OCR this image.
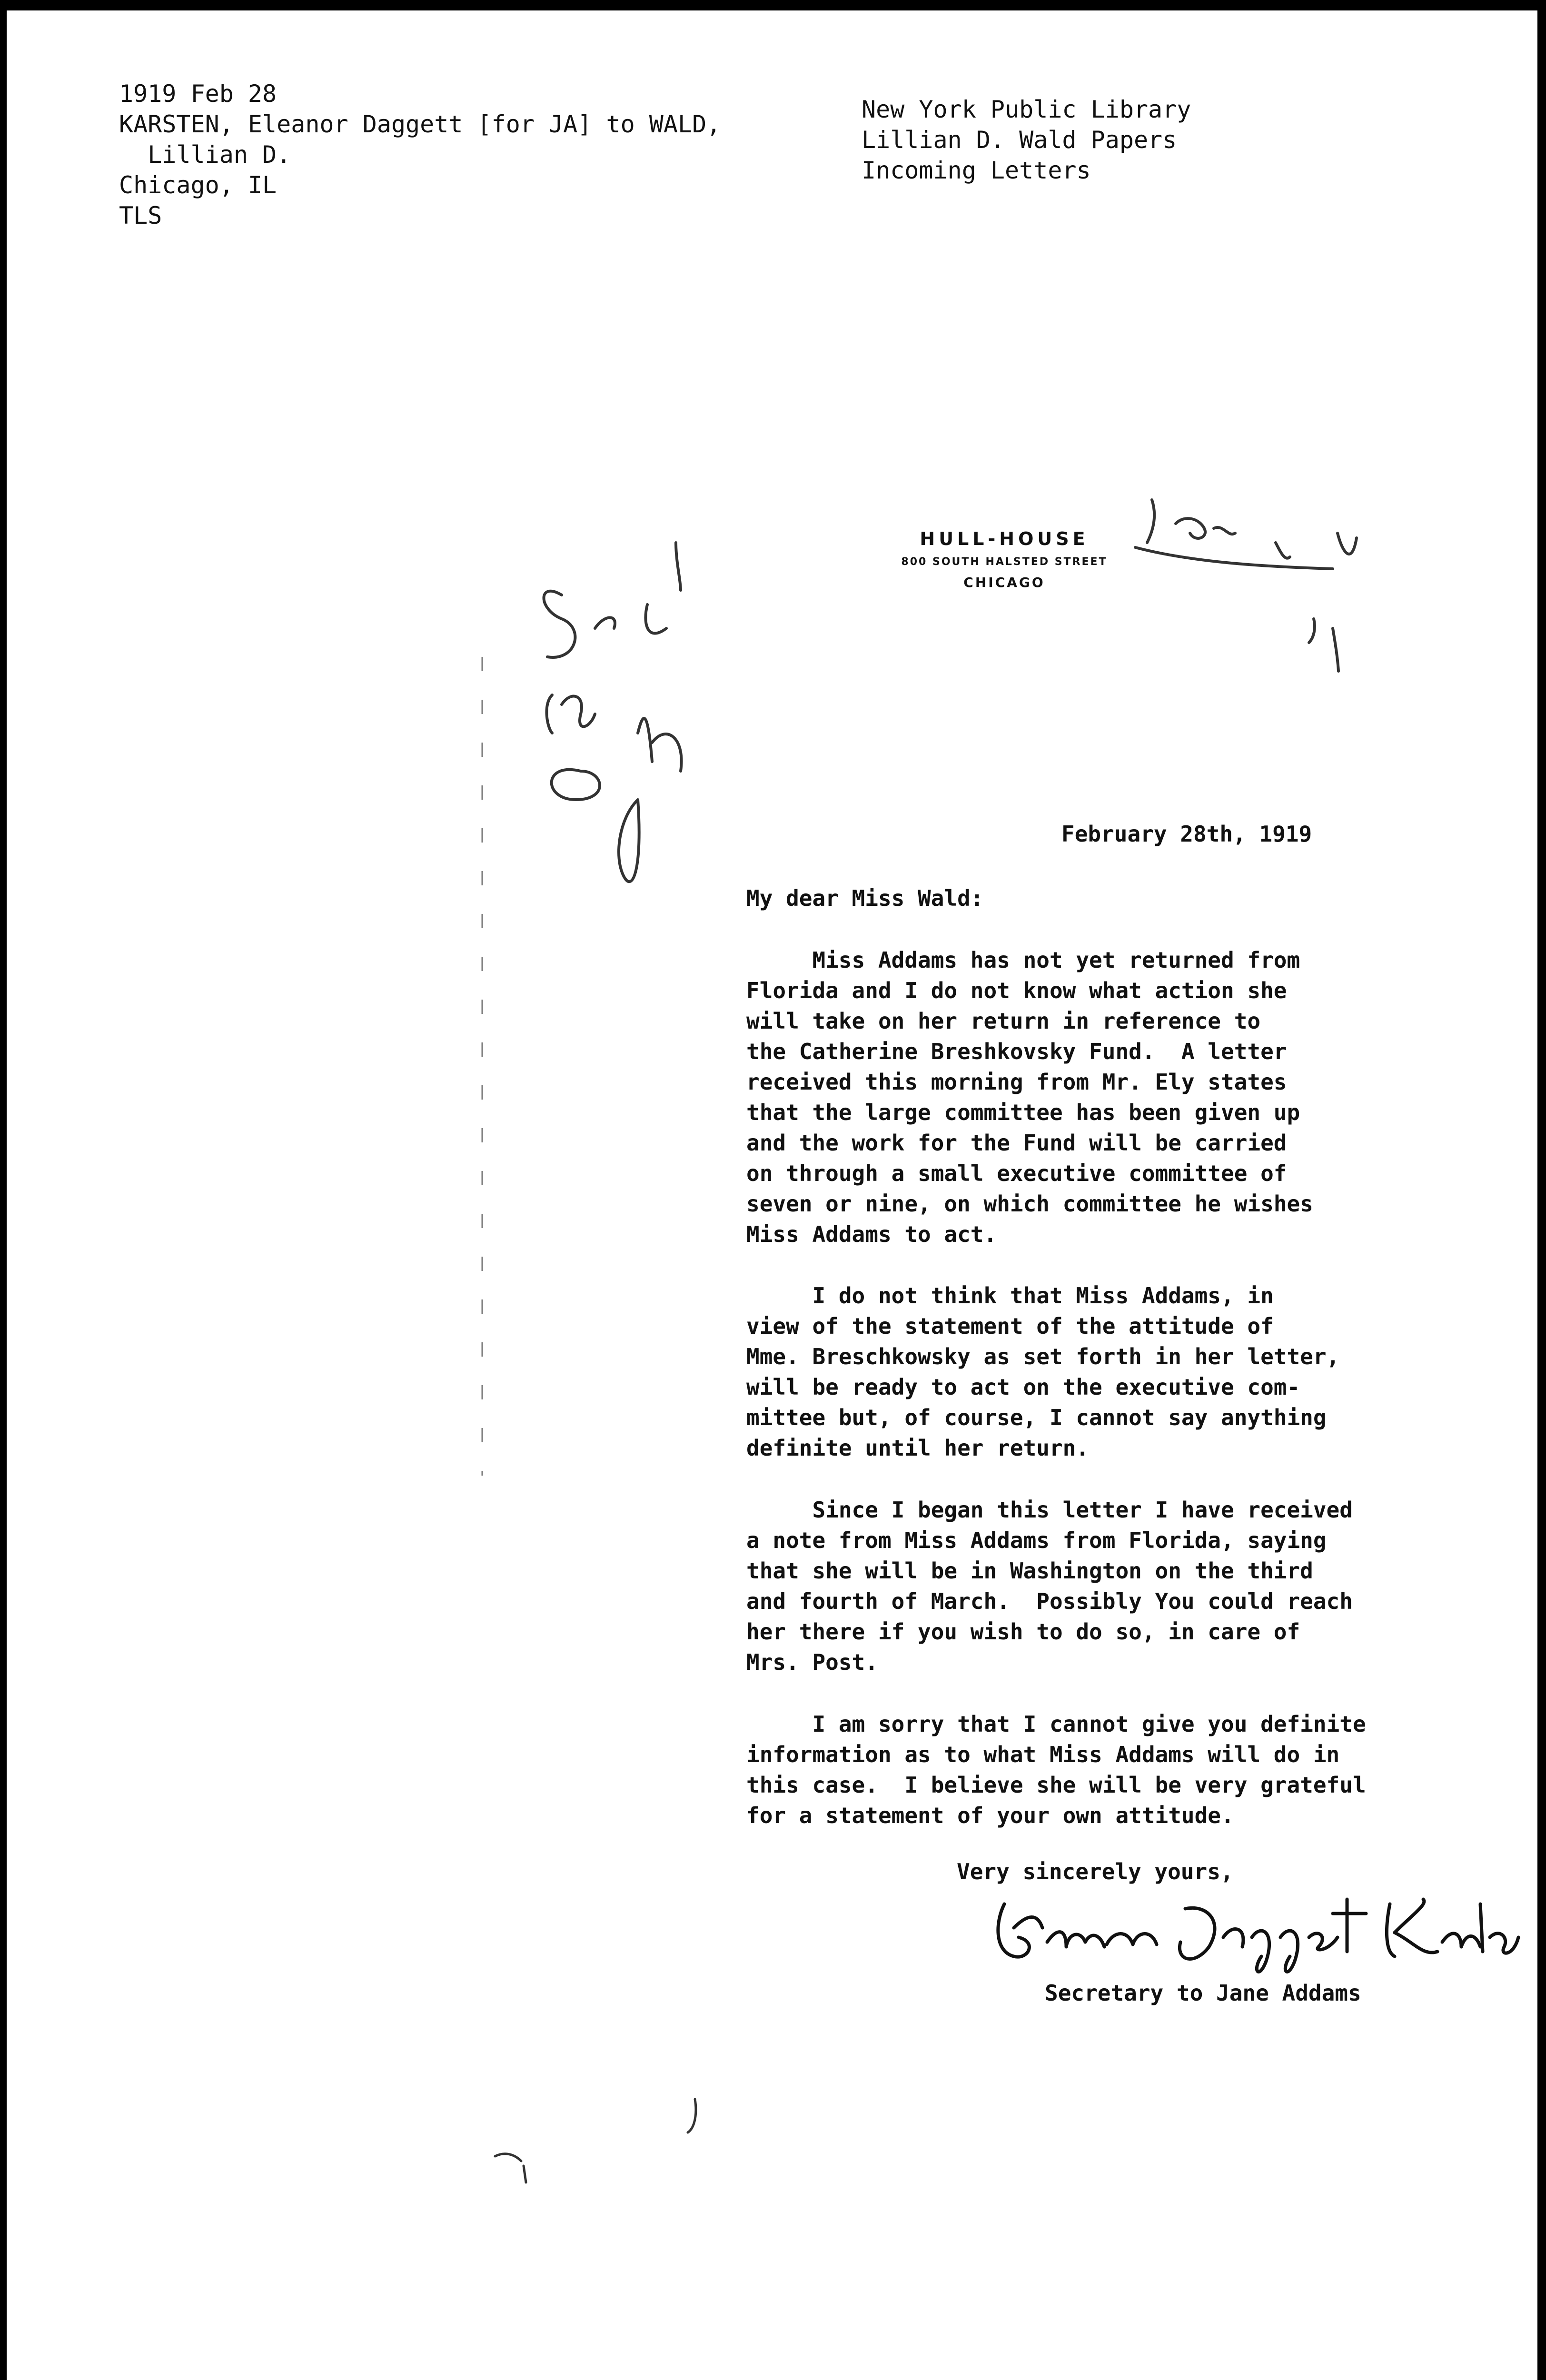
1919 Feb 28
KARSTEN, Eleanor Daggett [for JA] to WALD,
Lillian D.
Chicago, IL
TLS
New York Public Library
Lillian D. Wald Papers
Incoming Letters
HULL-HOUSE
800 SOUTH HALSTED STREET
CHICAGO
February 28th, 1919
My dear Miss Wald:
Miss Addams has not yet returned from
Florida and I do not know what action she
will take on her return in reference to
the Catherine Breshkovsky Fund.  A letter
received this morning from Mr. Ely states
that the large committee has been given up
and the work for the Fund will be carried
on through a small executive committee of
seven or nine, on which committee he wishes
Miss Addams to act.
I do not think that Miss Addams, in
view of the statement of the attitude of
Mme. Breschkowsky as set forth in her letter,
will be ready to act on the executive com-
mittee but, of course, I cannot say anything
definite until her return.
Since I began this letter I have received
a note from Miss Addams from Florida, saying
that she will be in Washington on the third
and fourth of March.  Possibly You could reach
her there if you wish to do so, in care of
Mrs. Post.
I am sorry that I cannot give you definite
information as to what Miss Addams will do in
this case.  I believe she will be very grateful
for a statement of your own attitude.
Very sincerely yours,
Secretary to Jane Addams
